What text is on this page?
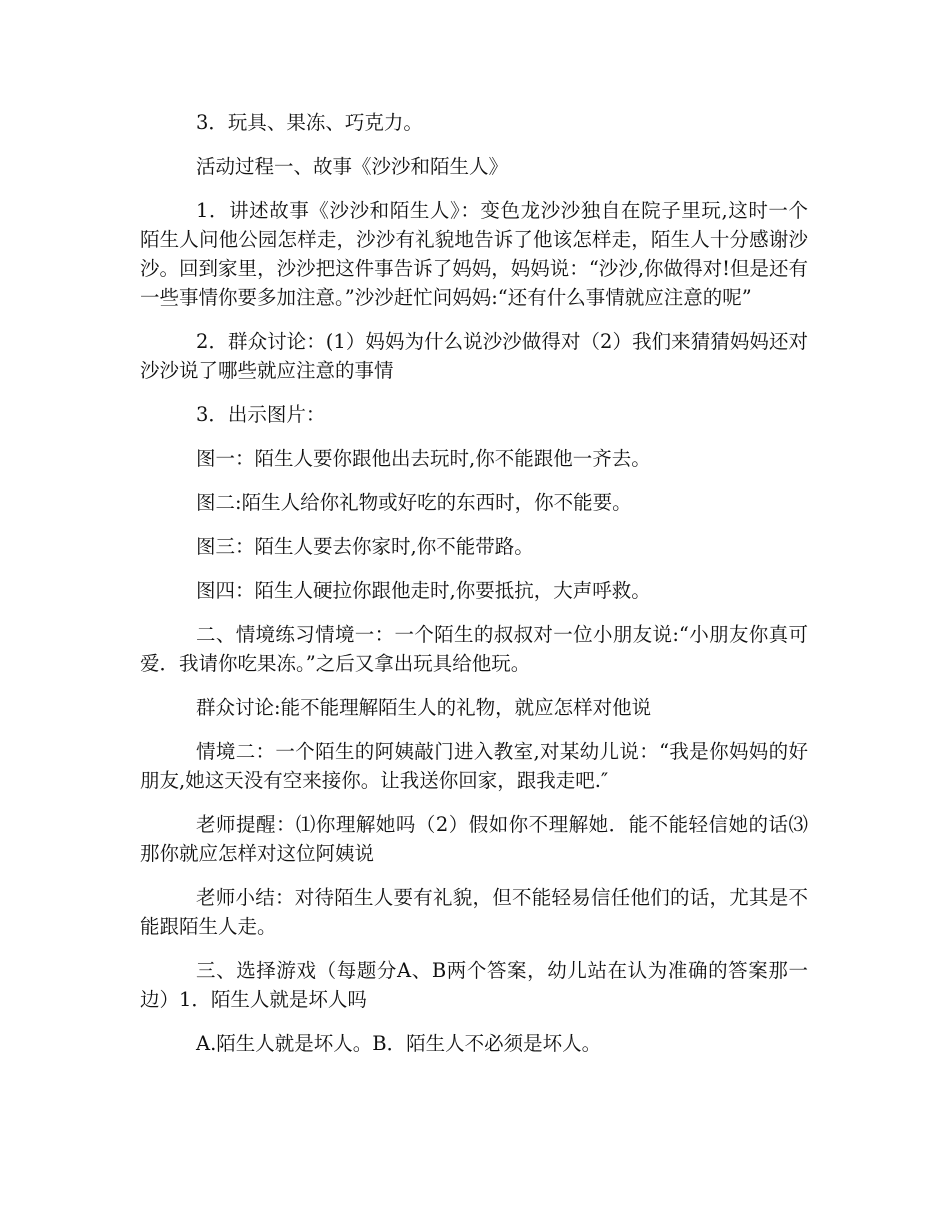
3．玩具、果冻、巧克力。

活动过程一、故事《沙沙和陌生人》

1．讲述故事《沙沙和陌生人》：变色龙沙沙独自在院子里玩,这时一个陌生人问他公园怎样走，沙沙有礼貌地告诉了他该怎样走，陌生人十分感谢沙沙。回到家里，沙沙把这件事告诉了妈妈，妈妈说：“沙沙,你做得对!但是还有一些事情你要多加注意。”沙沙赶忙问妈妈:“还有什么事情就应注意的呢”

2．群众讨论：(1）妈妈为什么说沙沙做得对（2）我们来猜猜妈妈还对沙沙说了哪些就应注意的事情

3．出示图片：

图一：陌生人要你跟他出去玩时,你不能跟他一齐去。

图二:陌生人给你礼物或好吃的东西时，你不能要。

图三：陌生人要去你家时,你不能带路。

图四：陌生人硬拉你跟他走时,你要抵抗，大声呼救。

二、情境练习情境一：一个陌生的叔叔对一位小朋友说:“小朋友你真可爱．我请你吃果冻。”之后又拿出玩具给他玩。

群众讨论:能不能理解陌生人的礼物，就应怎样对他说

情境二：一个陌生的阿姨敲门进入教室,对某幼儿说：“我是你妈妈的好朋友,她这天没有空来接你。让我送你回家，跟我走吧.″

老师提醒：⑴你理解她吗（2）假如你不理解她．能不能轻信她的话⑶那你就应怎样对这位阿姨说

老师小结：对待陌生人要有礼貌，但不能轻易信任他们的话，尤其是不能跟陌生人走。

三、选择游戏（每题分A、B两个答案，幼儿站在认为准确的答案那一边）1．陌生人就是坏人吗

A.陌生人就是坏人。B．陌生人不必须是坏人。
